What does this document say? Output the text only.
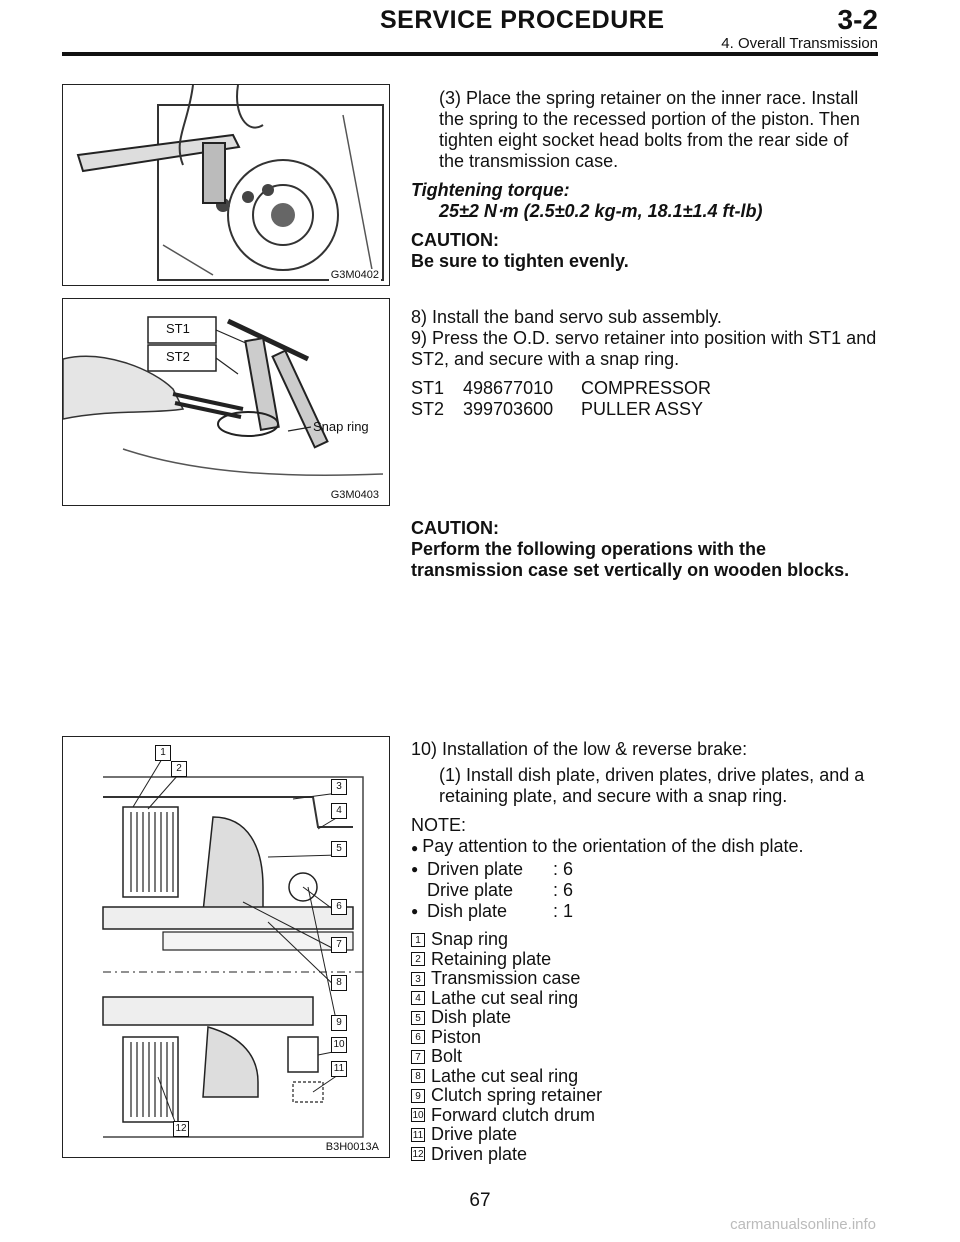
SERVICE PROCEDURE	3-2
4. Overall Transmission
G3M0402

(3) Place the spring retainer on the inner race. Install the spring to the recessed portion of the piston. Then tighten eight socket head bolts from the rear side of the transmission case.

Tightening torque:

25±2 N⋅m (2.5±0.2 kg-m, 18.1±1.4 ft-lb)

CAUTION:

Be sure to tighten evenly.

ST1
ST2
Snap ring
G3M0403

8) Install the band servo sub assembly.

9) Press the O.D. servo retainer into position with ST1 and ST2, and secure with a snap ring.

ST1	498677010	COMPRESSOR
ST2	399703600	PULLER ASSY

CAUTION:

Perform the following operations with the transmission case set vertically on wooden blocks.

1
2
3
4
5
6
7
8
9
10
11
12
B3H0013A

10) Installation of the low & reverse brake:

(1) Install dish plate, driven plates, drive plates, and a retaining plate, and secure with a snap ring.

NOTE:

● Pay attention to the orientation of the dish plate.

● Driven plate	: 6
Drive plate	: 6
● Dish plate	: 1
1 Snap ring
2 Retaining plate
3 Transmission case
4 Lathe cut seal ring
5 Dish plate
6 Piston
7 Bolt
8 Lathe cut seal ring
9 Clutch spring retainer
10 Forward clutch drum
11 Drive plate
12 Driven plate
67
carmanualsonline.info
